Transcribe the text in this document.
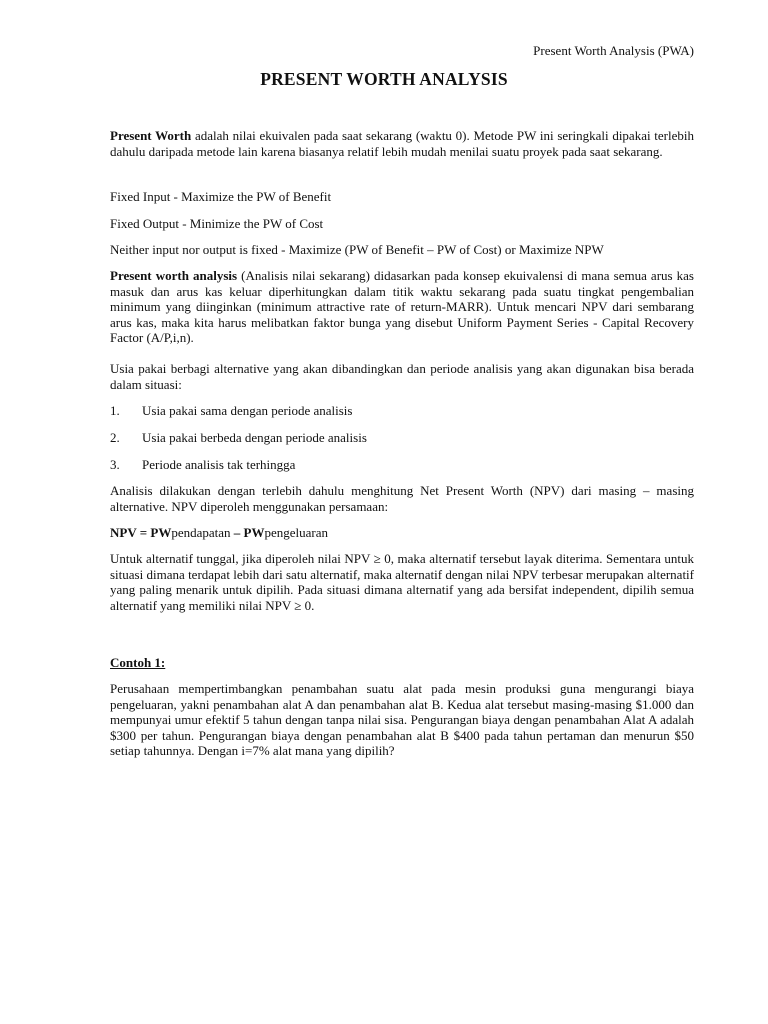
Present Worth Analysis (PWA)
PRESENT WORTH ANALYSIS

Present Worth adalah nilai ekuivalen pada saat sekarang (waktu 0). Metode PW ini seringkali dipakai terlebih dahulu daripada metode lain karena biasanya relatif lebih mudah menilai suatu proyek pada saat sekarang.

Fixed Input - Maximize the PW of Benefit
Fixed Output - Minimize the PW of Cost
Neither input nor output is fixed - Maximize (PW of Benefit – PW of Cost) or Maximize NPW

Present worth analysis (Analisis nilai sekarang) didasarkan pada konsep ekuivalensi di mana semua arus kas masuk dan arus kas keluar diperhitungkan dalam titik waktu sekarang pada suatu tingkat pengembalian minimum yang diinginkan (minimum attractive rate of return-MARR). Untuk mencari NPV dari sembarang arus kas, maka kita harus melibatkan faktor bunga yang disebut Uniform Payment Series - Capital Recovery Factor (A/P,i,n).

Usia pakai berbagi alternative yang akan dibandingkan dan periode analisis yang akan digunakan bisa berada dalam situasi:

1. Usia pakai sama dengan periode analisis
2. Usia pakai berbeda dengan periode analisis
3. Periode analisis tak terhingga

Analisis dilakukan dengan terlebih dahulu menghitung Net Present Worth (NPV) dari masing – masing alternative. NPV diperoleh menggunakan persamaan:

NPV = PWpendapatan – PWpengeluaran

Untuk alternatif tunggal, jika diperoleh nilai NPV ≥ 0, maka alternatif tersebut layak diterima. Sementara untuk situasi dimana terdapat lebih dari satu alternatif, maka alternatif dengan nilai NPV terbesar merupakan alternatif yang paling menarik untuk dipilih. Pada situasi dimana alternatif yang ada bersifat independent, dipilih semua alternatif yang memiliki nilai NPV ≥ 0.

Contoh 1:

Perusahaan mempertimbangkan penambahan suatu alat pada mesin produksi guna mengurangi biaya pengeluaran, yakni penambahan alat A dan penambahan alat B. Kedua alat tersebut masing-masing $1.000 dan mempunyai umur efektif 5 tahun dengan tanpa nilai sisa. Pengurangan biaya dengan penambahan Alat A adalah $300 per tahun. Pengurangan biaya dengan penambahan alat B $400 pada tahun pertaman dan menurun $50 setiap tahunnya. Dengan i=7% alat mana yang dipilih?
